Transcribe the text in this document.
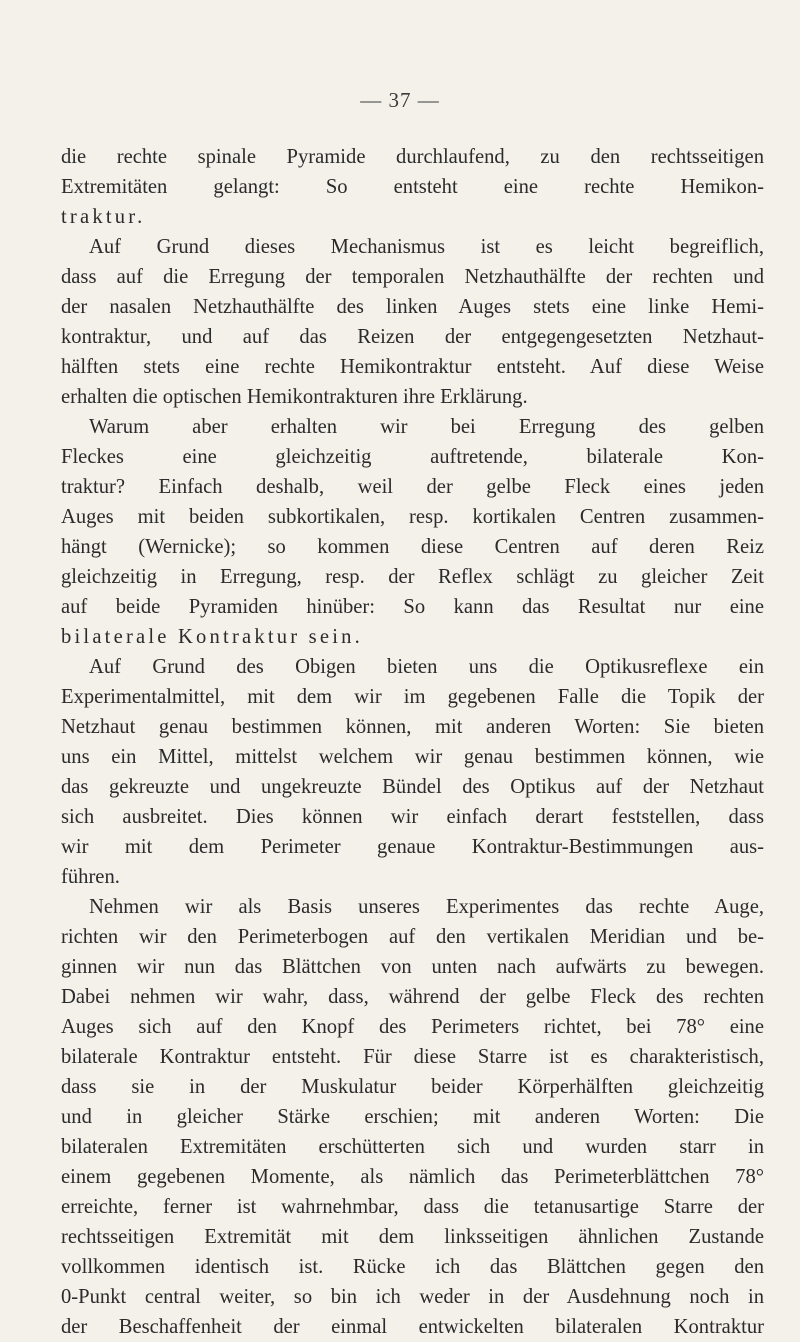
— 37 —
die rechte spinale Pyramide durchlaufend, zu den rechtsseitigen
Extremitäten gelangt: So entsteht eine rechte Hemikon-
traktur.
Auf Grund dieses Mechanismus ist es leicht begreiflich,
dass auf die Erregung der temporalen Netzhauthälfte der rechten und
der nasalen Netzhauthälfte des linken Auges stets eine linke Hemi-
kontraktur, und auf das Reizen der entgegengesetzten Netzhaut-
hälften stets eine rechte Hemikontraktur entsteht. Auf diese Weise
erhalten die optischen Hemikontrakturen ihre Erklärung.
Warum aber erhalten wir bei Erregung des gelben
Fleckes eine gleichzeitig auftretende, bilaterale Kon-
traktur? Einfach deshalb, weil der gelbe Fleck eines jeden
Auges mit beiden subkortikalen, resp. kortikalen Centren zusammen-
hängt (Wernicke); so kommen diese Centren auf deren Reiz
gleichzeitig in Erregung, resp. der Reflex schlägt zu gleicher Zeit
auf beide Pyramiden hinüber: So kann das Resultat nur eine
bilaterale Kontraktur sein.
Auf Grund des Obigen bieten uns die Optikusreflexe ein
Experimentalmittel, mit dem wir im gegebenen Falle die Topik der
Netzhaut genau bestimmen können, mit anderen Worten: Sie bieten
uns ein Mittel, mittelst welchem wir genau bestimmen können, wie
das gekreuzte und ungekreuzte Bündel des Optikus auf der Netzhaut
sich ausbreitet. Dies können wir einfach derart feststellen, dass
wir mit dem Perimeter genaue Kontraktur-Bestimmungen aus-
führen.
Nehmen wir als Basis unseres Experimentes das rechte Auge,
richten wir den Perimeterbogen auf den vertikalen Meridian und be-
ginnen wir nun das Blättchen von unten nach aufwärts zu bewegen.
Dabei nehmen wir wahr, dass, während der gelbe Fleck des rechten
Auges sich auf den Knopf des Perimeters richtet, bei 78° eine
bilaterale Kontraktur entsteht. Für diese Starre ist es charakteristisch,
dass sie in der Muskulatur beider Körperhälften gleichzeitig
und in gleicher Stärke erschien; mit anderen Worten: Die
bilateralen Extremitäten erschütterten sich und wurden starr in
einem gegebenen Momente, als nämlich das Perimeterblättchen 78°
erreichte, ferner ist wahrnehmbar, dass die tetanusartige Starre der
rechtsseitigen Extremität mit dem linksseitigen ähnlichen Zustande
vollkommen identisch ist. Rücke ich das Blättchen gegen den
0-Punkt central weiter, so bin ich weder in der Ausdehnung noch in
der Beschaffenheit der einmal entwickelten bilateralen Kontraktur
